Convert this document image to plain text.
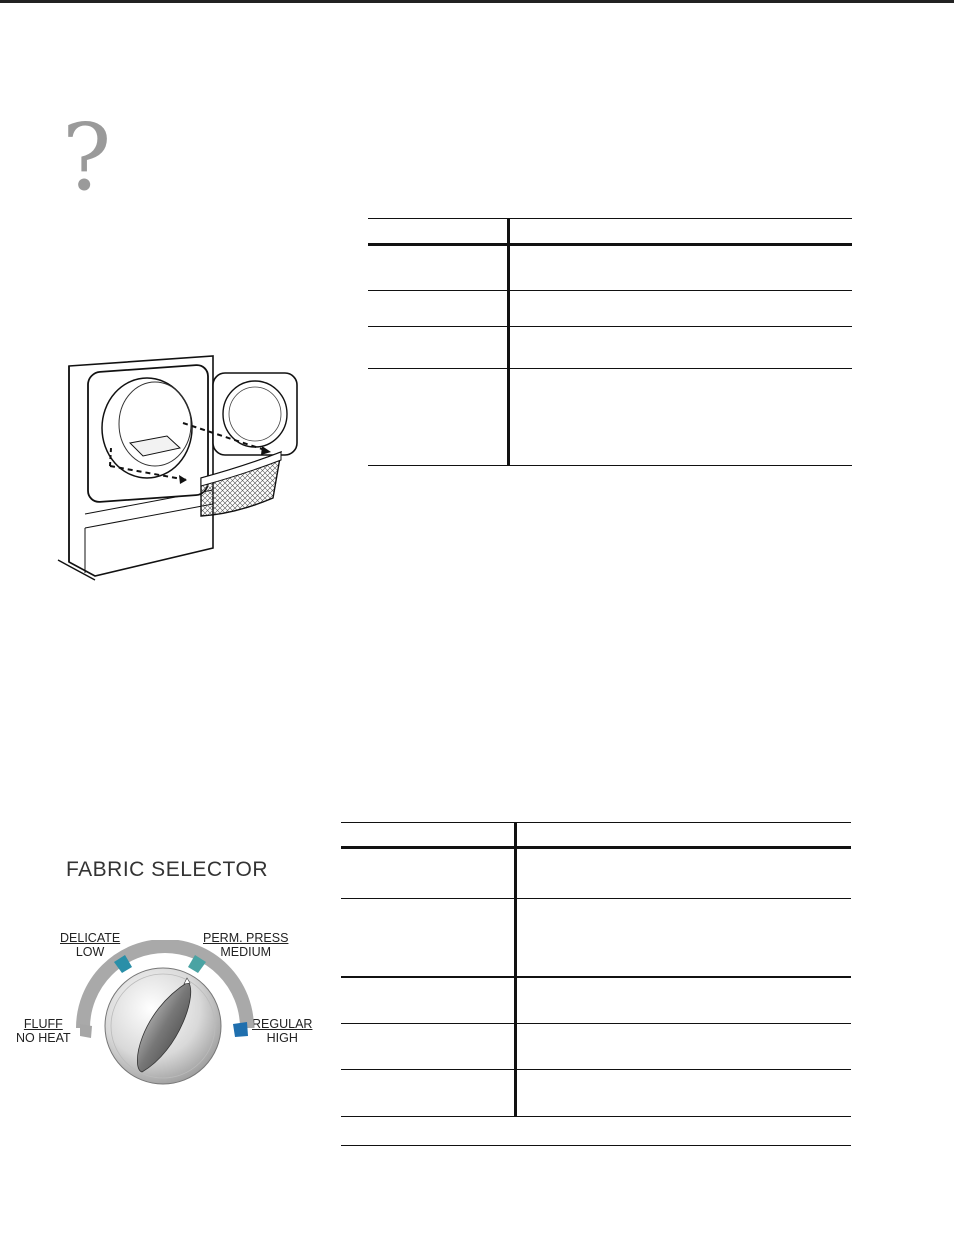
?
FABRIC SELECTOR
DELICATE
LOW
PERM. PRESS
MEDIUM
FLUFF
NO HEAT
REGULAR
HIGH
